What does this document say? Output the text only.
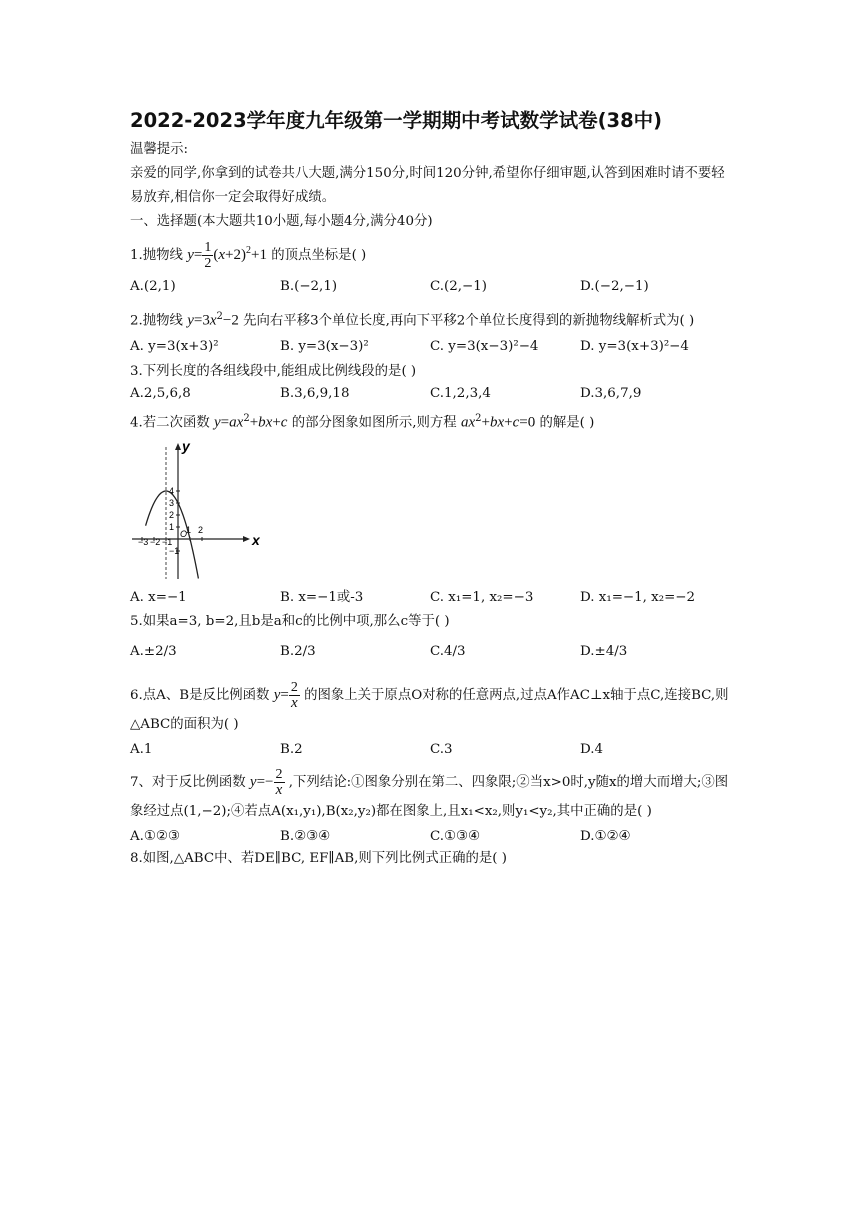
2022-2023学年度九年级第一学期期中考试数学试卷(38中)

温馨提示:

亲爱的同学,你拿到的试卷共八大题,满分150分,时间120分钟,希望你仔细审题,认答到困难时请不要轻易放弃,相信你一定会取得好成绩。

一、选择题(本大题共10小题,每小题4分,满分40分)

1.抛物线 $y= \frac{1}{2} (x+2)^2+1$ 的顶点坐标是( )

A.(2,1)	B.(−2,1)	C.(2,−1)	D.(−2,−1)

2.抛物线 $y=3x^2-2$ 先向右平移3个单位长度,再向下平移2个单位长度得到的新抛物线解析式为( )

A. y=3(x+3)²	B. y=3(x−3)²	C. y=3(x−3)²−4	D. y=3(x+3)²−4

3.下列长度的各组线段中,能组成比例线段的是( )

A.2,5,6,8	B.3,6,9,18	C.1,2,3,4	D.3,6,7,9

4.若二次函数 $y=ax^2+bx+c$ 的部分图象如图所示,则方程 $ax^2+bx+c=0$ 的解是( )

x
y
O
−3 −2 −1
1 2
4
3
2
1
−1
A. x=−1	B. x=−1或-3	C. x₁=1, x₂=−3	D. x₁=−1, x₂=−2

5.如果a=3, b=2,且b是a和c的比例中项,那么c等于( )

A.±2/3	B.2/3	C.4/3	D.±4/3

6.点A、B是反比例函数 $y= \frac{2}{x}$ 的图象上关于原点O对称的任意两点,过点A作AC⊥x轴于点C,连接BC,则△ABC的面积为( )

A.1	B.2	C.3	D.4

7、对于反比例函数 $y=- \frac{2}{x}$ ,下列结论:①图象分别在第二、四象限;②当x>0时,y随x的增大而增大;③图象经过点(1,−2);④若点A(x₁,y₁),B(x₂,y₂)都在图象上,且x₁<x₂,则y₁<y₂,其中正确的是( )

A.①②③	B.②③④	C.①③④	D.①②④

8.如图,△ABC中、若DE∥BC, EF∥AB,则下列比例式正确的是( )
